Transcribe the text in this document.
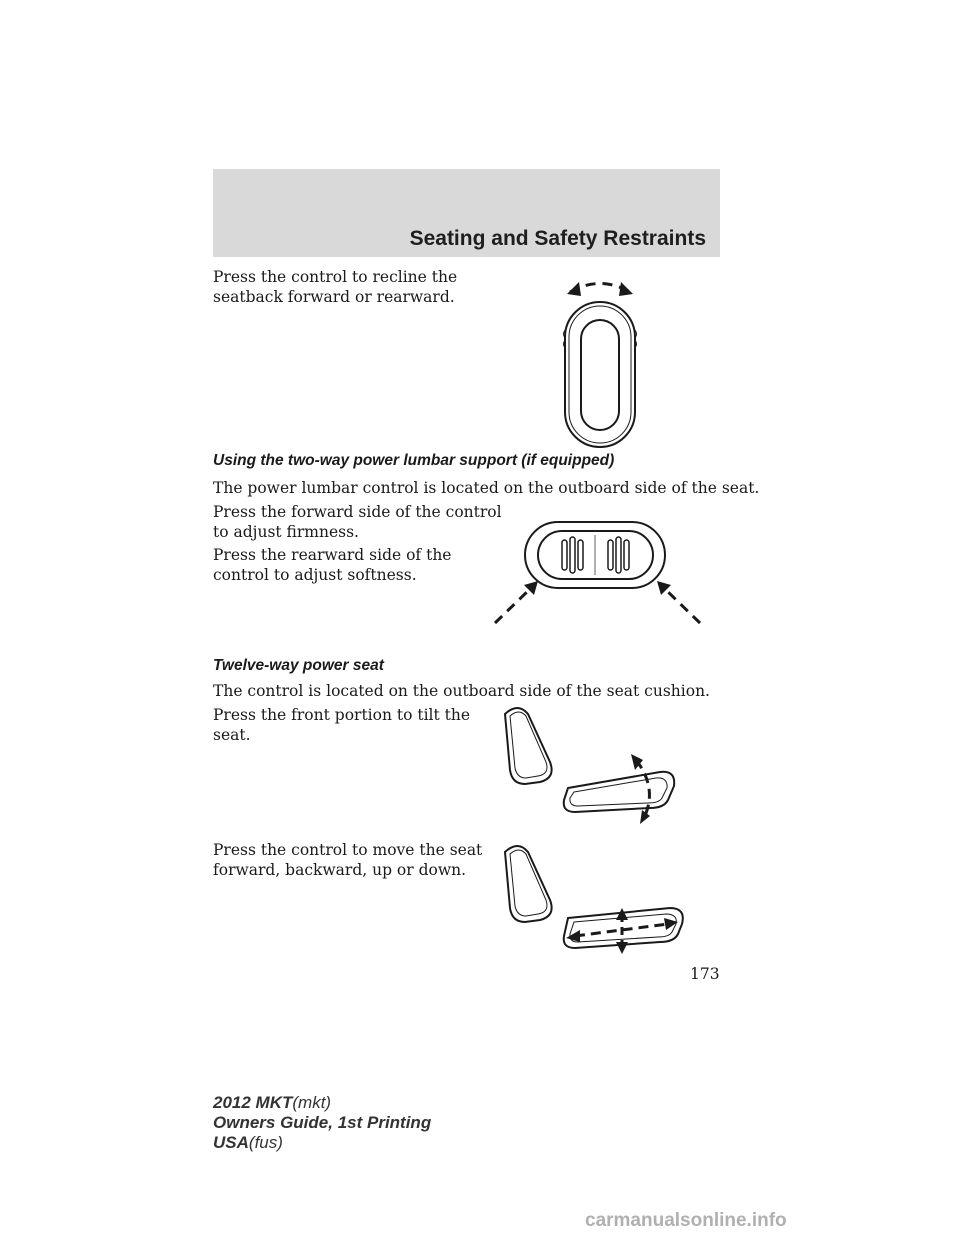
Seating and Safety Restraints
Press the control to recline the
seatback forward or rearward.
Using the two-way power lumbar support (if equipped)
The power lumbar control is located on the outboard side of the seat.
Press the forward side of the control
to adjust firmness.
Press the rearward side of the
control to adjust softness.
Twelve-way power seat
The control is located on the outboard side of the seat cushion.
Press the front portion to tilt the
seat.
Press the control to move the seat
forward, backward, up or down.
173
2012 MKT(mkt)
Owners Guide, 1st Printing
USA(fus)
carmanualsonline.info
